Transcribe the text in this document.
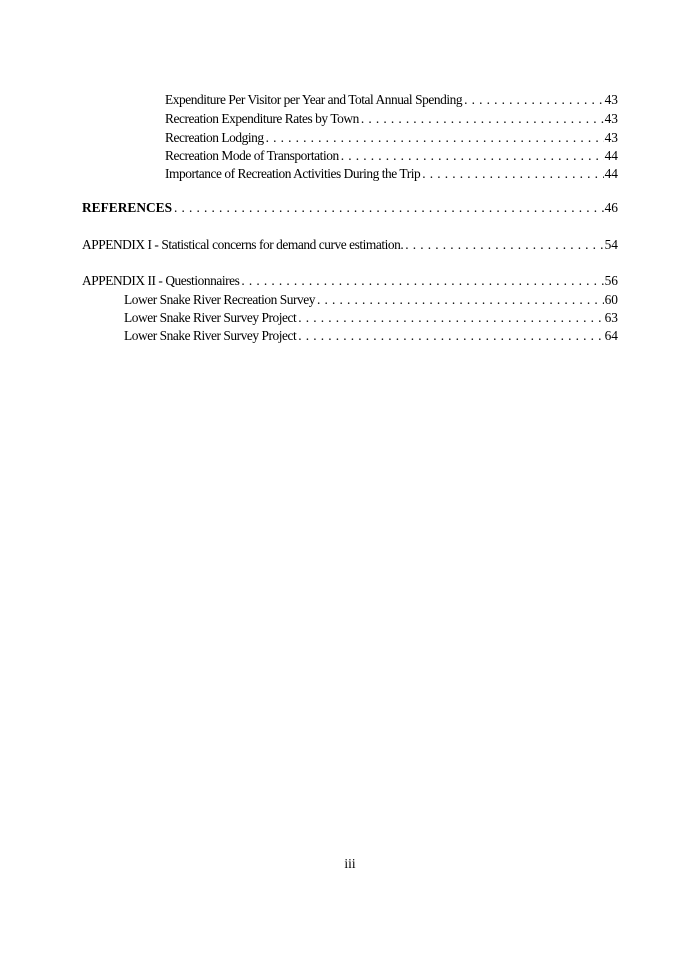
Expenditure Per Visitor per Year and Total Annual Spending . . .	43
Recreation Expenditure Rates by Town . . .	43
Recreation Lodging . . .	43
Recreation Mode of Transportation . . .	44
Importance of Recreation Activities During the Trip . . .	44
REFERENCES . . .	46
APPENDIX I - Statistical concerns for demand curve estimation. . . .	54
APPENDIX II - Questionnaires . . .	56
Lower Snake River Recreation Survey . . .	60
Lower Snake River Survey Project . . .	63
Lower Snake River Survey Project . . .	64
iii
